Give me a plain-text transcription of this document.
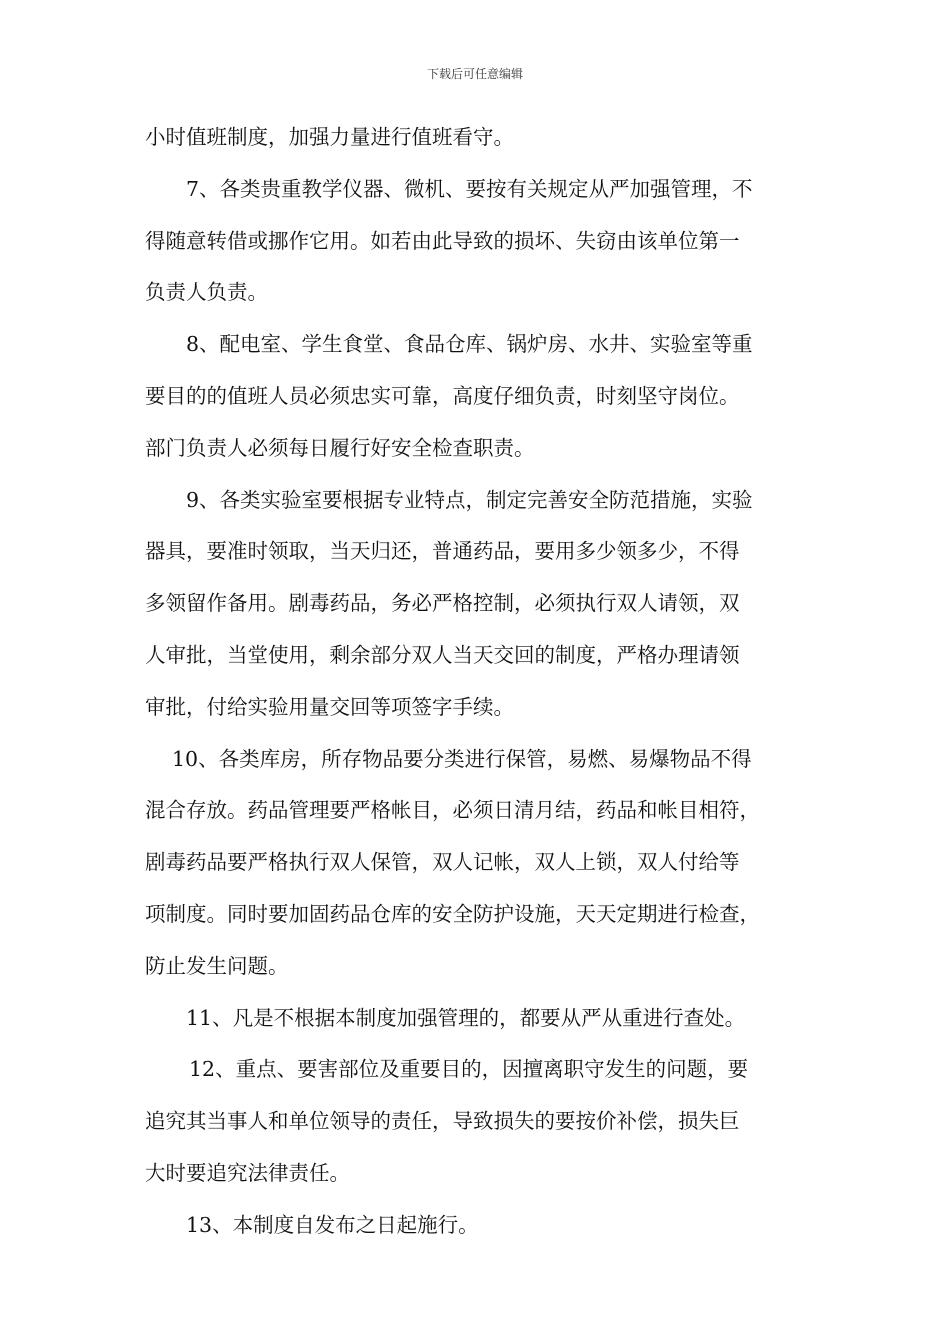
下载后可任意编辑
小时值班制度，加强力量进行值班看守。
7、各类贵重教学仪器、微机、要按有关规定从严加强管理，不
得随意转借或挪作它用。如若由此导致的损坏、失窃由该单位第一
负责人负责。
8、配电室、学生食堂、食品仓库、锅炉房、水井、实验室等重
要目的的值班人员必须忠实可靠，高度仔细负责，时刻坚守岗位。
部门负责人必须每日履行好安全检查职责。
9、各类实验室要根据专业特点，制定完善安全防范措施，实验
器具，要准时领取，当天归还，普通药品，要用多少领多少，不得
多领留作备用。剧毒药品，务必严格控制，必须执行双人请领，双
人审批，当堂使用，剩余部分双人当天交回的制度，严格办理请领
审批，付给实验用量交回等项签字手续。
10、各类库房，所存物品要分类进行保管，易燃、易爆物品不得
混合存放。药品管理要严格帐目，必须日清月结，药品和帐目相符，
剧毒药品要严格执行双人保管，双人记帐，双人上锁，双人付给等
项制度。同时要加固药品仓库的安全防护设施，天天定期进行检查，
防止发生问题。
11、凡是不根据本制度加强管理的，都要从严从重进行查处。
12、重点、要害部位及重要目的，因擅离职守发生的问题，要
追究其当事人和单位领导的责任，导致损失的要按价补偿，损失巨
大时要追究法律责任。
13、本制度自发布之日起施行。
